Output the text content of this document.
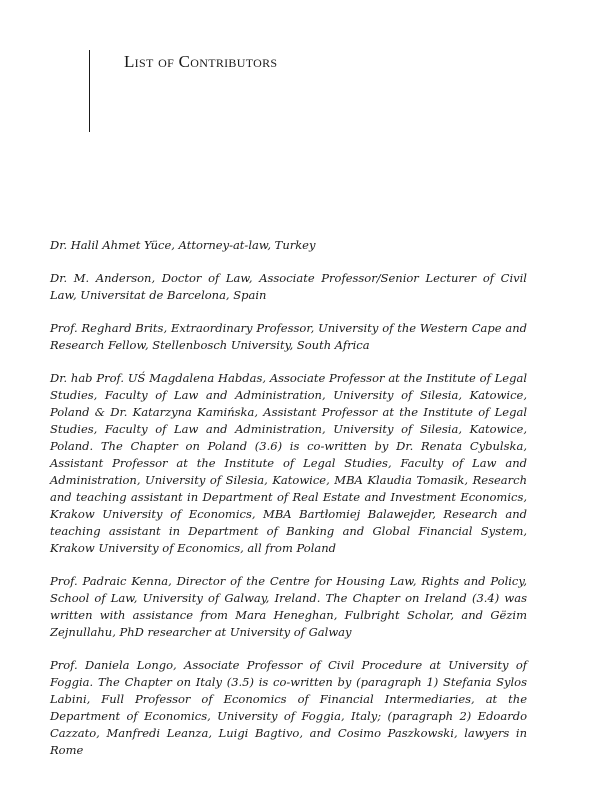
List of Contributors

Dr. Halil Ahmet Yüce, Attorney-at-law, Turkey

Dr. M. Anderson, Doctor of Law, Associate Professor/Senior Lecturer of Civil Law, Universitat de Barcelona, Spain

Prof. Reghard Brits, Extraordinary Professor, University of the Western Cape and Research Fellow, Stellenbosch University, South Africa

Dr. hab Prof. UŚ Magdalena Habdas, Associate Professor at the Institute of Legal Studies, Faculty of Law and Administration, University of Silesia, Katowice, Poland & Dr. Katarzyna Kamińska, Assistant Professor at the Institute of Legal Studies, Faculty of Law and Administration, University of Silesia, Katowice, Poland. The Chapter on Poland (3.6) is co-written by Dr. Renata Cybulska, Assistant Professor at the Institute of Legal Studies, Faculty of Law and Administration, University of Silesia, Katowice, MBA Klaudia Tomasik, Research and teaching assistant in Department of Real Estate and Investment Economics, Krakow University of Economics, MBA Bartłomiej Balawejder, Research and teaching assistant in Department of Banking and Global Financial System, Krakow University of Economics, all from Poland

Prof. Padraic Kenna, Director of the Centre for Housing Law, Rights and Policy, School of Law, University of Galway, Ireland. The Chapter on Ireland (3.4) was written with assistance from Mara Heneghan, Fulbright Scholar, and Gëzim Zejnullahu, PhD researcher at University of Galway

Prof. Daniela Longo, Associate Professor of Civil Procedure at University of Foggia. The Chapter on Italy (3.5) is co-written by (paragraph 1) Stefania Sylos Labini, Full Professor of Economics of Financial Intermediaries, at the Department of Economics, University of Foggia, Italy; (paragraph 2) Edoardo Cazzato, Manfredi Leanza, Luigi Bagtivo, and Cosimo Paszkowski, lawyers in Rome
